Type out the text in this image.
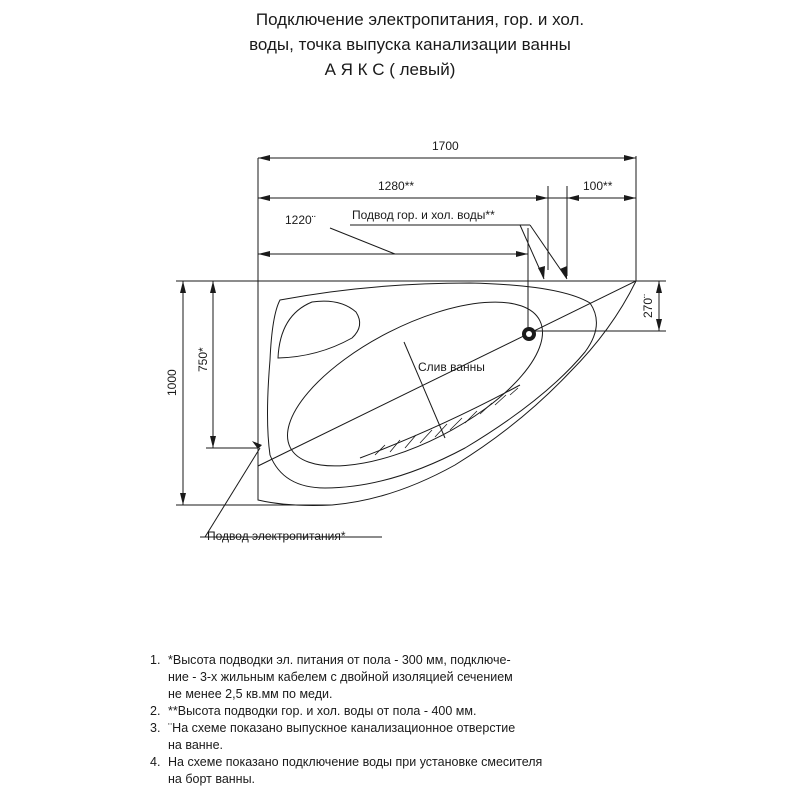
Подключение электропитания, гор. и хол.
воды, точка выпуска канализации ванны
А Я К С ( левый)
1700
1280**	100**
1220¨	Подвод гор. и хол. воды**
Слив ванны
Подвод электропитания*
1000
750*
270¨
1. *Высота подводки эл. питания от пола - 300 мм, подключе-
ние - 3-х жильным кабелем с двойной изоляцией сечением
не менее 2,5 кв.мм по меди.
2. **Высота подводки гор. и хол. воды от пола - 400 мм.
3. ¨На схеме показано выпускное канализационное отверстие
на ванне.
4. На схеме показано подключение воды при установке смесителя
на борт ванны.
